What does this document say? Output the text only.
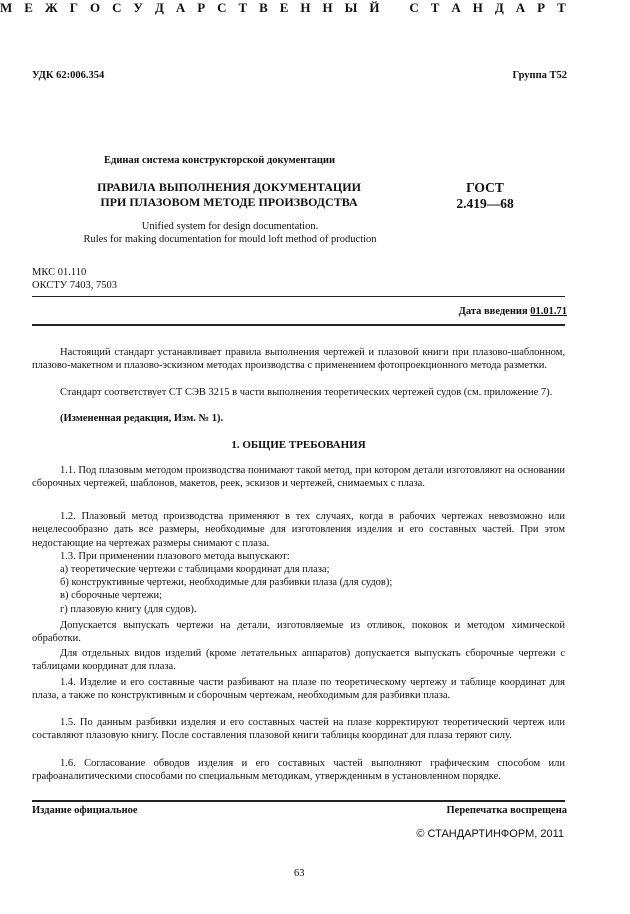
УДК 62:006.354	Группа Т52
М Е Ж Г О С У Д А Р С Т В Е Н Н Ы Й С Т А Н Д А Р Т
Единая система конструкторской документации
ПРАВИЛА ВЫПОЛНЕНИЯ ДОКУМЕНТАЦИИ
ПРИ ПЛАЗОВОМ МЕТОДЕ ПРОИЗВОДСТВА
ГОСТ
2.419—68
Unified system for design documentation.
Rules for making documentation for mould loft method of production
МКС 01.110
ОКСТУ 7403, 7503
Дата введения 01.01.71

Настоящий стандарт устанавливает правила выполнения чертежей и плазовой книги при плазово-шаблонном, плазово-макетном и плазово-эскизном методах производства с применением фотопроекционного метода разметки.

Стандарт соответствует СТ СЭВ 3215 в части выполнения теоретических чертежей судов (см. приложение 7).

(Измененная редакция, Изм. № 1).

1. ОБЩИЕ ТРЕБОВАНИЯ

1.1. Под плазовым методом производства понимают такой метод, при котором детали изготовляют на основании сборочных чертежей, шаблонов, макетов, реек, эскизов и чертежей, снимаемых с плаза.

1.2. Плазовый метод производства применяют в тех случаях, когда в рабочих чертежах невозможно или нецелесообразно дать все размеры, необходимые для изготовления изделия и его составных частей. При этом недостающие на чертежах размеры снимают с плаза.

1.3. При применении плазового метода выпускают:

а) теоретические чертежи с таблицами координат для плаза;

б) конструктивные чертежи, необходимые для разбивки плаза (для судов);

в) сборочные чертежи;

г) плазовую книгу (для судов).

Допускается выпускать чертежи на детали, изготовляемые из отливок, поковок и методом химической обработки.

Для отдельных видов изделий (кроме летательных аппаратов) допускается выпускать сборочные чертежи с таблицами координат для плаза.

1.4. Изделие и его составные части разбивают на плазе по теоретическому чертежу и таблице координат для плаза, а также по конструктивным и сборочным чертежам, необходимым для разбивки плаза.

1.5. По данным разбивки изделия и его составных частей на плазе корректируют теоретический чертеж или составляют плазовую книгу. После составления плазовой книги таблицы координат для плаза теряют силу.

1.6. Согласование обводов изделия и его составных частей выполняют графическим способом или графоаналитическими способами по специальным методикам, утвержденным в установленном порядке.

Издание официальное	Перепечатка воспрещена
© СТАНДАРТИНФОРМ, 2011
63
